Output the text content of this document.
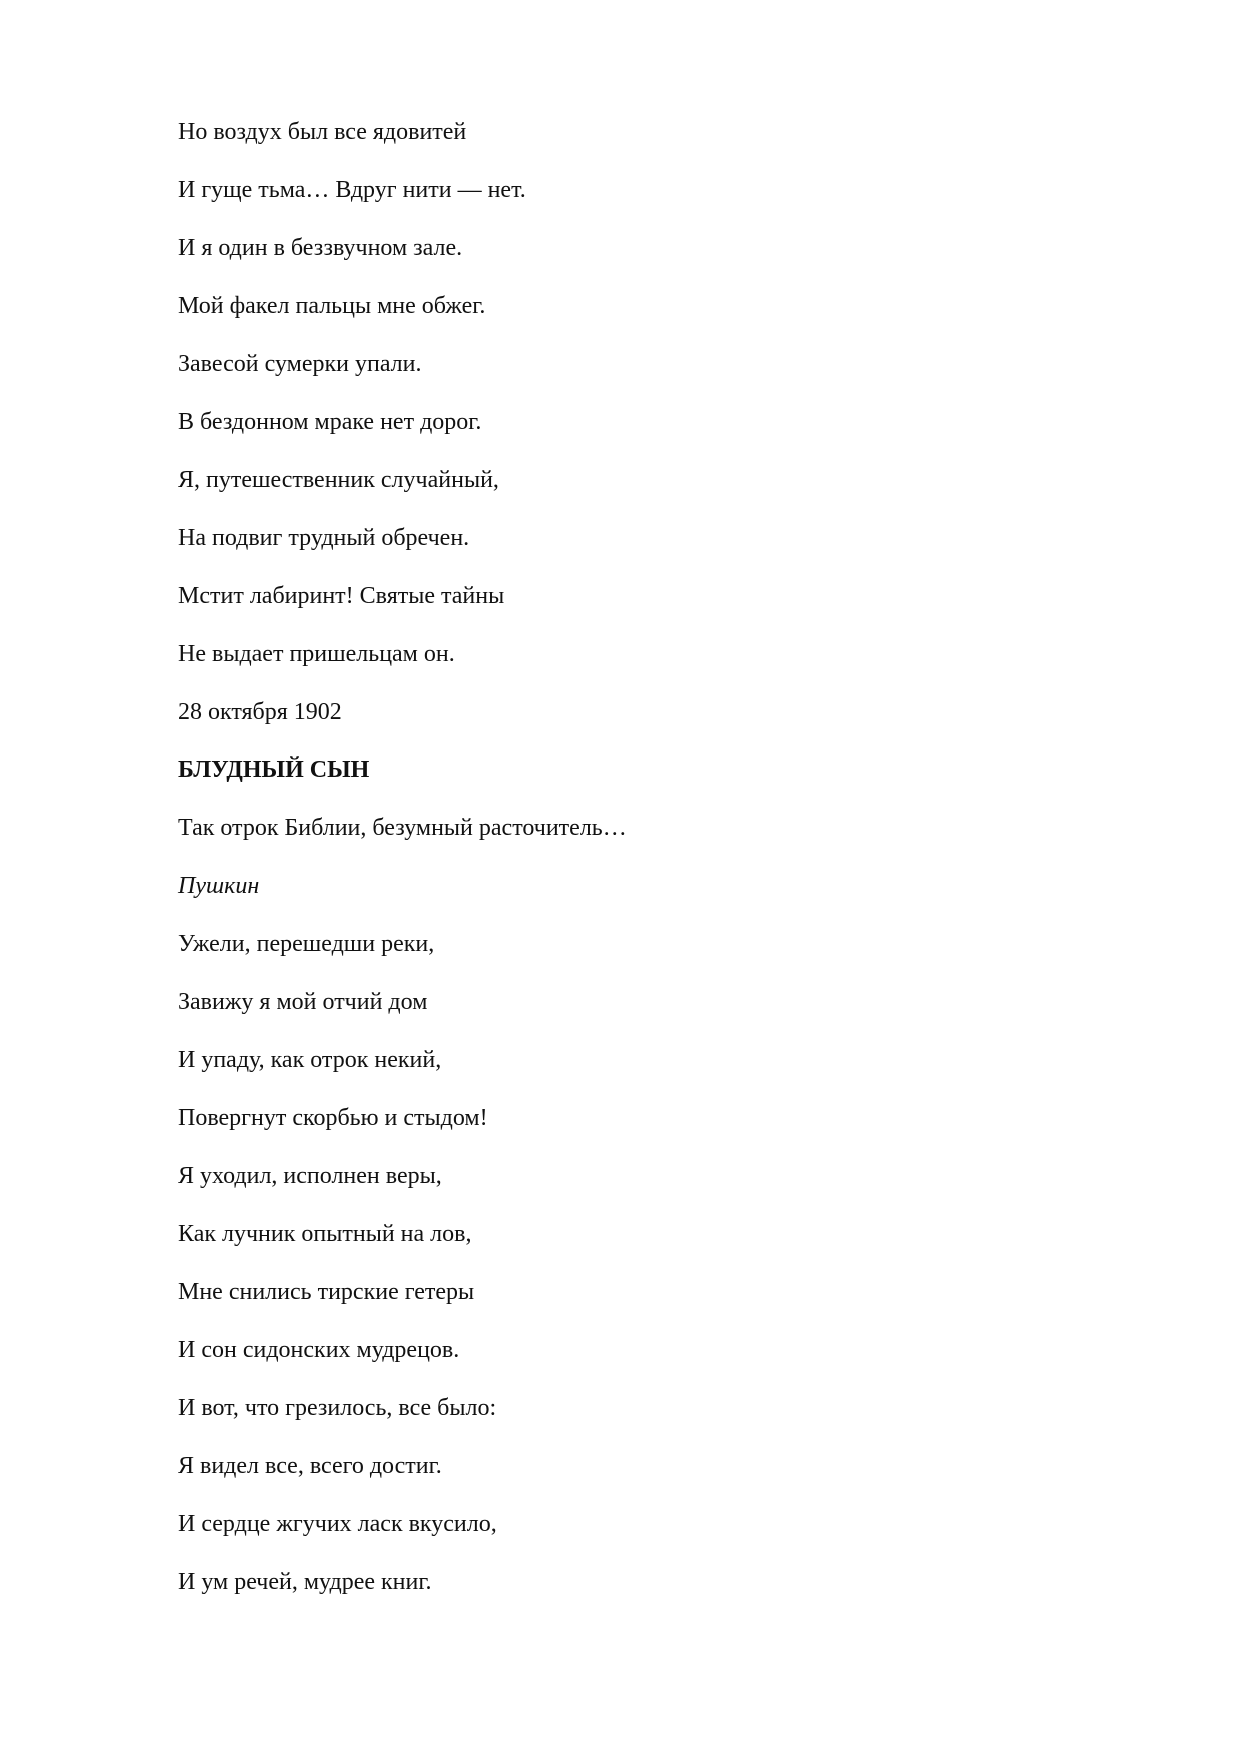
Но воздух был все ядовитей
И гуще тьма… Вдруг нити — нет.
И я один в беззвучном зале.
Мой факел пальцы мне обжег.
Завесой сумерки упали.
В бездонном мраке нет дорог.
Я, путешественник случайный,
На подвиг трудный обречен.
Мстит лабиринт! Святые тайны
Не выдает пришельцам он.
28 октября 1902
БЛУДНЫЙ СЫН
Так отрок Библии, безумный расточитель…
Пушкин
Ужели, перешедши реки,
Завижу я мой отчий дом
И упаду, как отрок некий,
Повергнут скорбью и стыдом!
Я уходил, исполнен веры,
Как лучник опытный на лов,
Мне снились тирские гетеры
И сон сидонских мудрецов.
И вот, что грезилось, все было:
Я видел все, всего достиг.
И сердце жгучих ласк вкусило,
И ум речей, мудрее книг.
